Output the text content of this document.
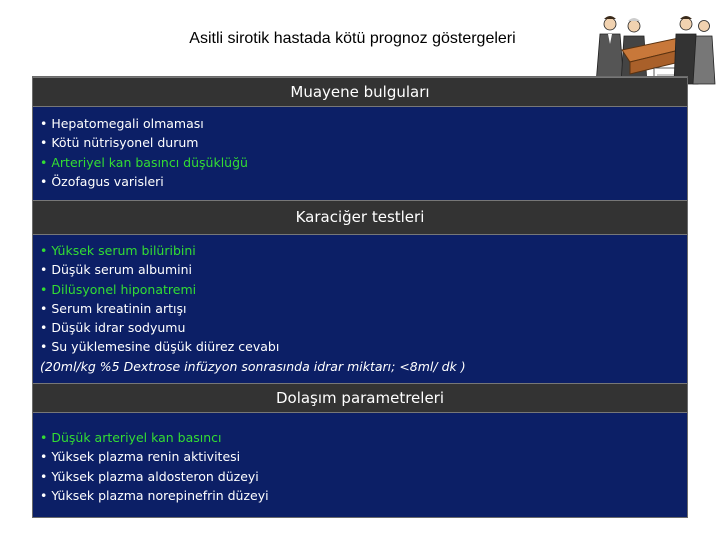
Asitli sirotik hastada kötü prognoz göstergeleri
Muayene bulguları
• Hepatomegali olmaması
• Kötü nütrisyonel durum
• Arteriyel kan basıncı düşüklüğü
• Özofagus varisleri
Karaciğer testleri
• Yüksek serum bilüribini
• Düşük serum albumini
• Dilüsyonel hiponatremi
• Serum kreatinin artışı
• Düşük idrar sodyumu
• Su yüklemesine düşük diürez cevabı
(20ml/kg %5 Dextrose infüzyon sonrasında idrar miktarı; <8ml/ dk )
Dolaşım parametreleri
• Düşük arteriyel kan basıncı
• Yüksek plazma renin aktivitesi
• Yüksek plazma aldosteron düzeyi
• Yüksek plazma norepinefrin düzeyi
